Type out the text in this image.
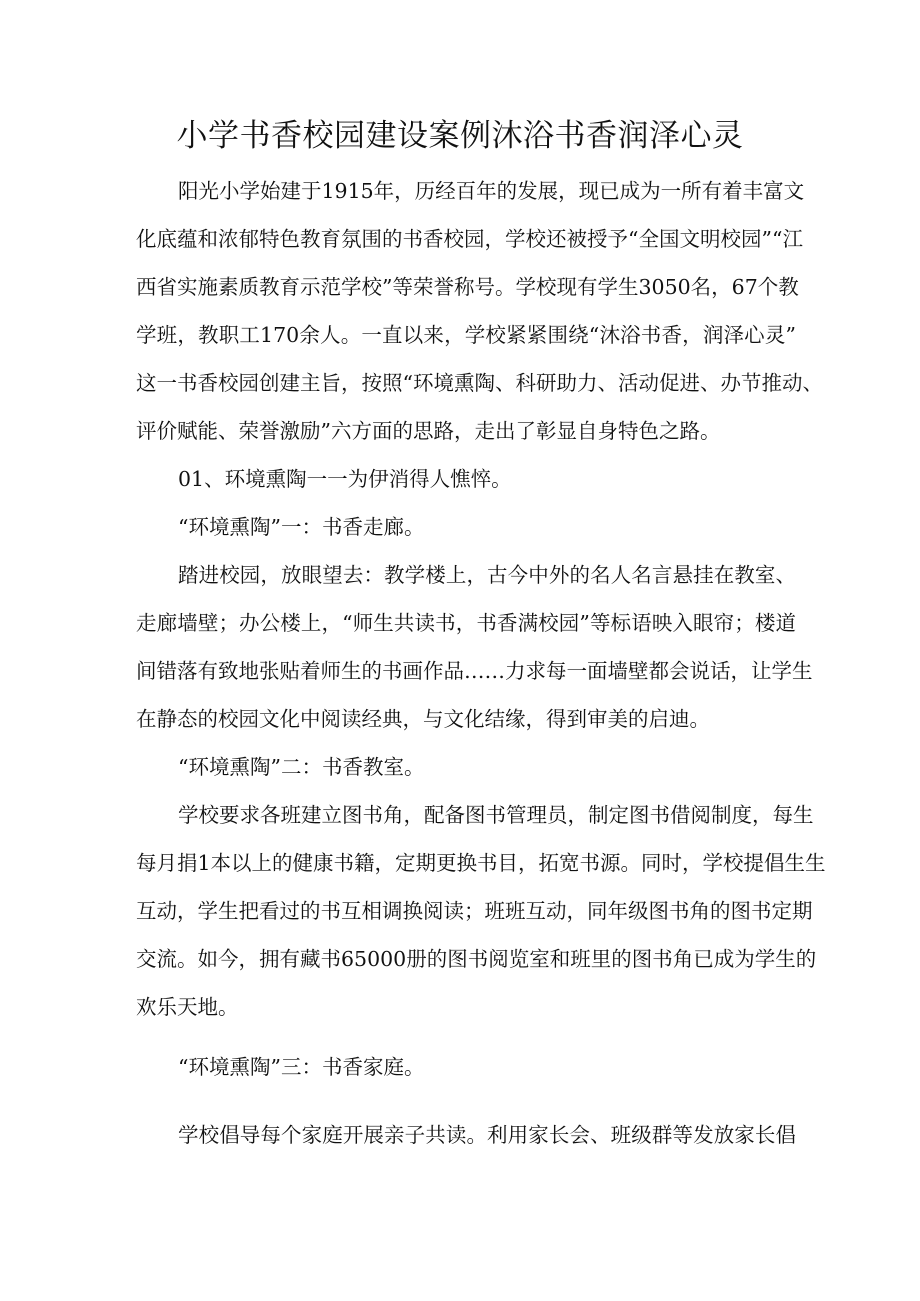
小学书香校园建设案例沐浴书香润泽心灵

阳光小学始建于1915年，历经百年的发展，现已成为一所有着丰富文

化底蕴和浓郁特色教育氛围的书香校园，学校还被授予“全国文明校园”“江

西省实施素质教育示范学校”等荣誉称号。学校现有学生3050名，67个教

学班，教职工170余人。一直以来，学校紧紧围绕“沐浴书香，润泽心灵”

这一书香校园创建主旨，按照“环境熏陶、科研助力、活动促进、办节推动、

评价赋能、荣誉激励”六方面的思路，走出了彰显自身特色之路。

01、环境熏陶一一为伊消得人憔悴。

“环境熏陶”一：书香走廊。

踏进校园，放眼望去：教学楼上，古今中外的名人名言悬挂在教室、

走廊墙壁；办公楼上，“师生共读书，书香满校园”等标语映入眼帘；楼道

间错落有致地张贴着师生的书画作品……力求每一面墙壁都会说话，让学生

在静态的校园文化中阅读经典，与文化结缘，得到审美的启迪。

“环境熏陶”二：书香教室。

学校要求各班建立图书角，配备图书管理员，制定图书借阅制度，每生

每月捐1本以上的健康书籍，定期更换书目，拓宽书源。同时，学校提倡生生

互动，学生把看过的书互相调换阅读；班班互动，同年级图书角的图书定期

交流。如今，拥有藏书65000册的图书阅览室和班里的图书角已成为学生的

欢乐天地。

“环境熏陶”三：书香家庭。

学校倡导每个家庭开展亲子共读。利用家长会、班级群等发放家长倡
